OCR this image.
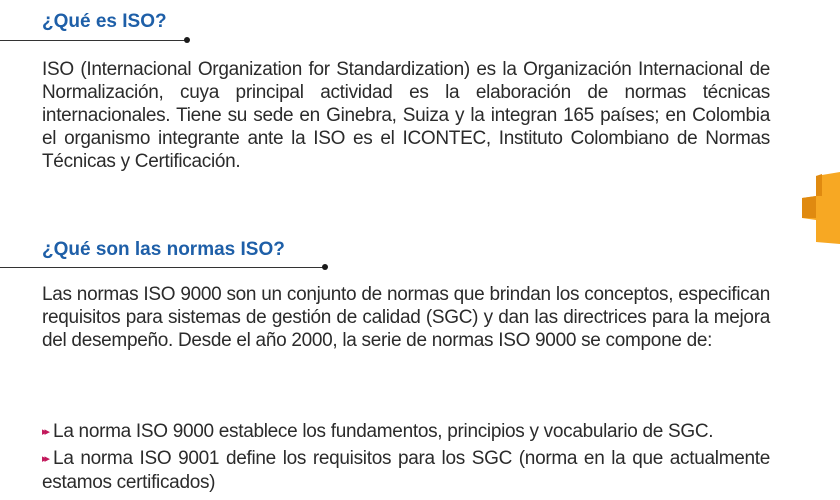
¿Qué es ISO?

ISO (Internacional Organization for Standardization) es la Organización Internacional de Normalización, cuya principal actividad es la elaboración de normas técnicas internacionales. Tiene su sede en Ginebra, Suiza y la integran 165 países; en Colombia el organismo integrante ante la ISO es el ICONTEC, Instituto Colombiano de Normas Técnicas y Certificación.

¿Qué son las normas ISO?

Las normas ISO 9000 son un conjunto de normas que brindan los conceptos, especifican requisitos para sistemas de gestión de calidad (SGC) y dan las directrices para la mejora del desempeño. Desde el año 2000, la serie de normas ISO 9000 se compone de:

▸▸ La norma ISO 9000 establece los fundamentos, principios y vocabulario de SGC.

▸▸ La norma ISO 9001 define los requisitos para los SGC (norma en la que actualmente estamos certificados)
